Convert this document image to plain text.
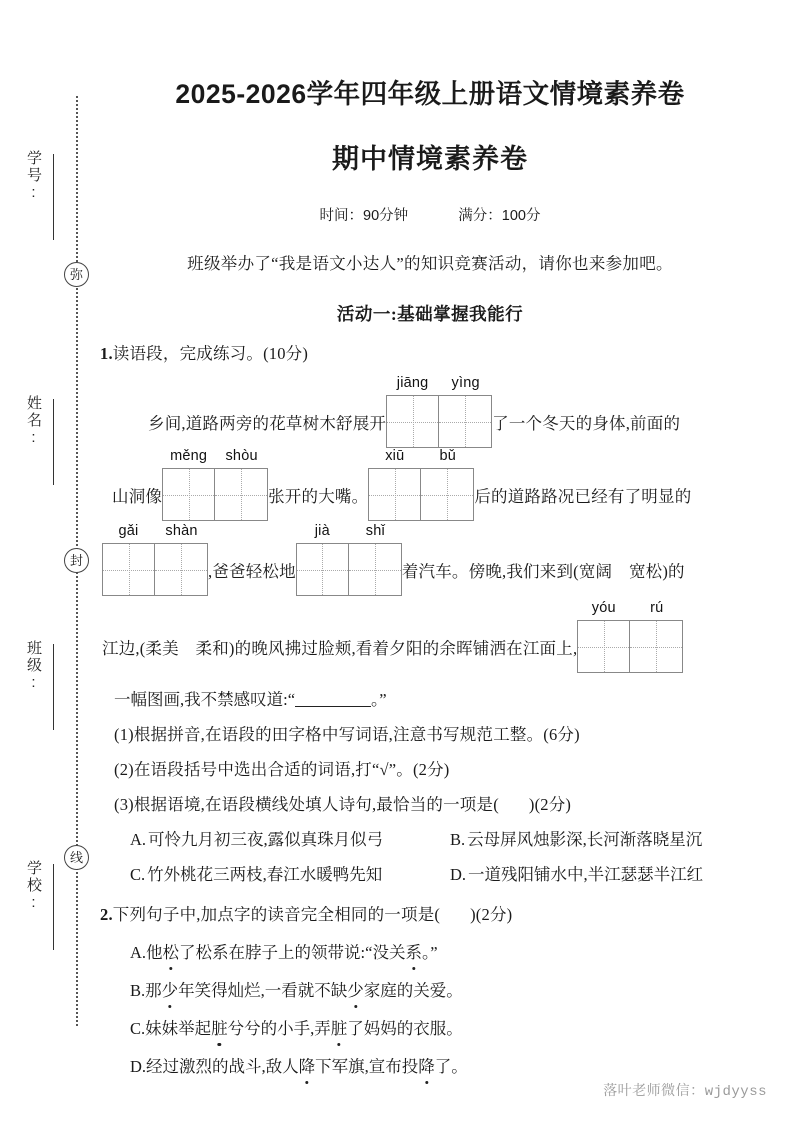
学号:
姓名:
班级:
学校:
弥
封
线
2025-2026学年四年级上册语文情境素养卷
期中情境素养卷
时间：90分钟	满分：100分
班级举办了“我是语文小达人”的知识竞赛活动，请你也来参加吧。
活动一:基础掌握我能行
1.读语段，完成练习。(10分)
乡间,道路两旁的花草树木舒展开
jiāng	yìng
了一个冬天的身体,前面的
山洞像
měng	shòu
张开的大嘴。
xiū	bǔ
后的道路路况已经有了明显的
gǎi	shàn
,爸爸轻松地
jià	shǐ
着汽车。傍晚,我们来到(宽阔　宽松)的
江边,(柔美　柔和)的晚风拂过脸颊,看着夕阳的余晖铺洒在江面上,
yóu	rú
一幅图画,我不禁感叹道:“	。”
(1)根据拼音,在语段的田字格中写词语,注意书写规范工整。(6分)
(2)在语段括号中选出合适的词语,打“√”。(2分)
(3)根据语境,在语段横线处填人诗句,最恰当的一项是( )(2分)
A. 可怜九月初三夜,露似真珠月似弓	B. 云母屏风烛影深,长河渐落晓星沉
C. 竹外桃花三两枝,春江水暖鸭先知	D. 一道残阳铺水中,半江瑟瑟半江红
2.下列句子中,加点字的读音完全相同的一项是( )(2分)
A.他松了松系在脖子上的领带说:“没关系。”
B.那少年笑得灿烂,一看就不缺少家庭的关爱。
C.妹妹举起脏兮兮的小手,弄脏了妈妈的衣服。
D.经过激烈的战斗,敌人降下军旗,宣布投降了。
落叶老师微信：wjdyyss
